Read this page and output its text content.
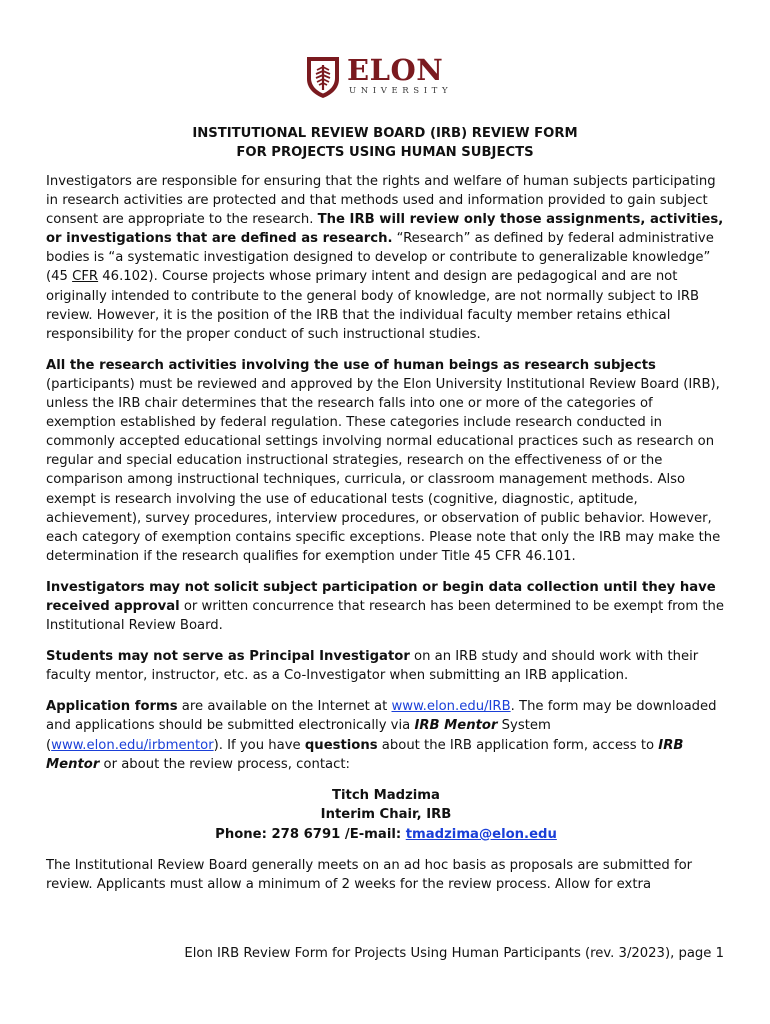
ELON
UNIVERSITY
INSTITUTIONAL REVIEW BOARD (IRB) REVIEW FORM
FOR PROJECTS USING HUMAN SUBJECTS

Investigators are responsible for ensuring that the rights and welfare of human subjects participating in research activities are protected and that methods used and information provided to gain subject consent are appropriate to the research. The IRB will review only those assignments, activities, or investigations that are defined as research. “Research” as defined by federal administrative bodies is “a systematic investigation designed to develop or contribute to generalizable knowledge” (45 CFR 46.102). Course projects whose primary intent and design are pedagogical and are not originally intended to contribute to the general body of knowledge, are not normally subject to IRB review. However, it is the position of the IRB that the individual faculty member retains ethical responsibility for the proper conduct of such instructional studies.

All the research activities involving the use of human beings as research subjects (participants) must be reviewed and approved by the Elon University Institutional Review Board (IRB), unless the IRB chair determines that the research falls into one or more of the categories of exemption established by federal regulation. These categories include research conducted in commonly accepted educational settings involving normal educational practices such as research on regular and special education instructional strategies, research on the effectiveness of or the comparison among instructional techniques, curricula, or classroom management methods. Also exempt is research involving the use of educational tests (cognitive, diagnostic, aptitude, achievement), survey procedures, interview procedures, or observation of public behavior. However, each category of exemption contains specific exceptions. Please note that only the IRB may make the determination if the research qualifies for exemption under Title 45 CFR 46.101.

Investigators may not solicit subject participation or begin data collection until they have received approval or written concurrence that research has been determined to be exempt from the Institutional Review Board.

Students may not serve as Principal Investigator on an IRB study and should work with their faculty mentor, instructor, etc. as a Co-Investigator when submitting an IRB application.

Application forms are available on the Internet at www.elon.edu/IRB. The form may be downloaded and applications should be submitted electronically via IRB Mentor System (www.elon.edu/irbmentor). If you have questions about the IRB application form, access to IRB Mentor or about the review process, contact:

Titch Madzima
Interim Chair, IRB
Phone: 278 6791 /E-mail: tmadzima@elon.edu

The Institutional Review Board generally meets on an ad hoc basis as proposals are submitted for review. Applicants must allow a minimum of 2 weeks for the review process. Allow for extra

Elon IRB Review Form for Projects Using Human Participants (rev. 3/2023), page 1
